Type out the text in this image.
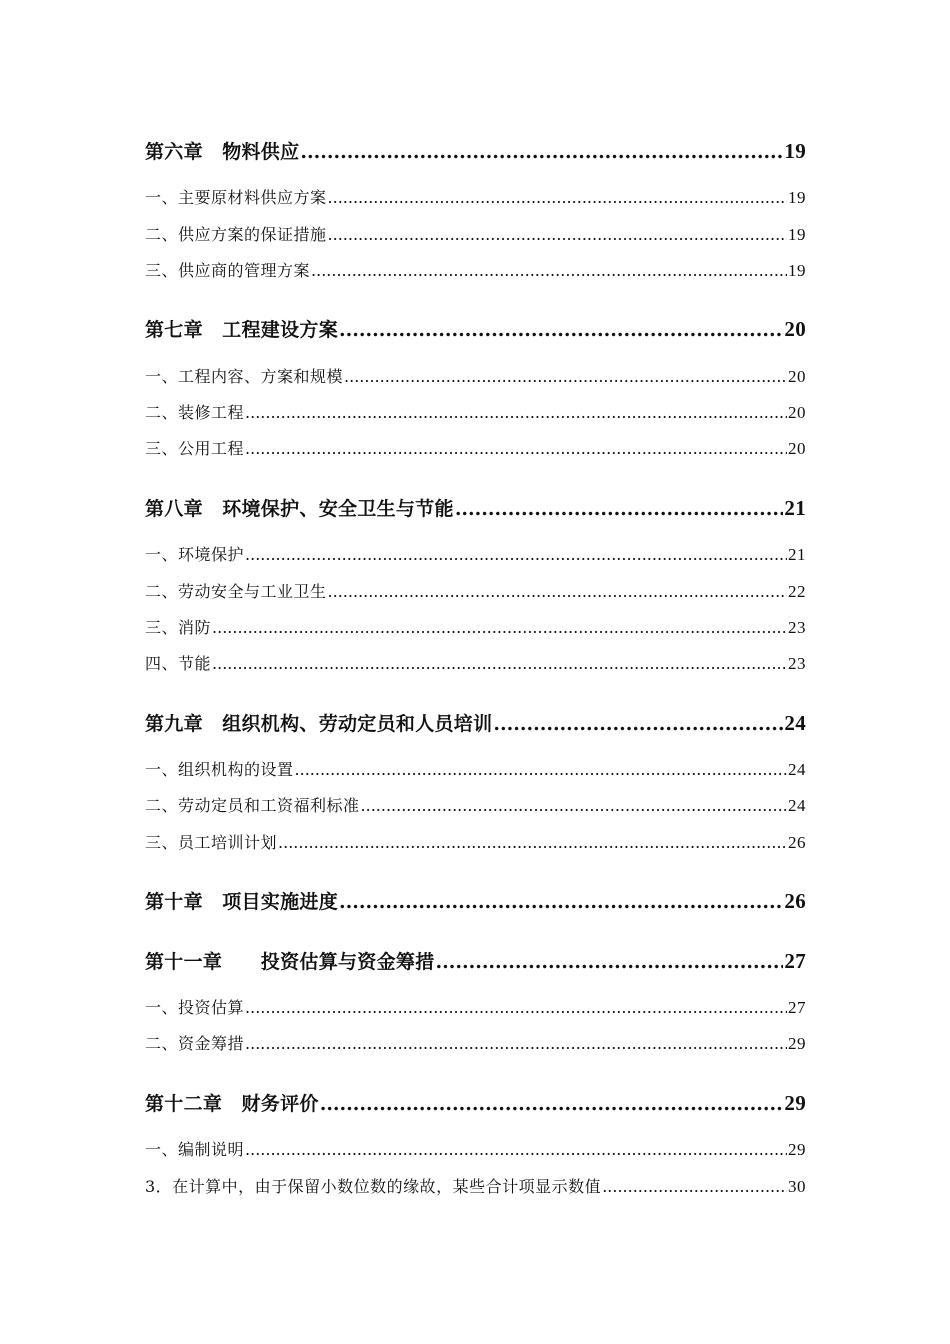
第六章　物料供应 .....	19
一、主要原材料供应方案 .....	19
二、供应方案的保证措施 .....	19
三、供应商的管理方案 .....	19
第七章　工程建设方案 .....	20
一、工程内容、方案和规模 .....	20
二、装修工程 .....	20
三、公用工程 .....	20
第八章　环境保护、安全卫生与节能 .....	21
一、环境保护 .....	21
二、劳动安全与工业卫生 .....	22
三、消防 .....	23
四、节能 .....	23
第九章　组织机构、劳动定员和人员培训 .....	24
一、组织机构的设置 .....	24
二、劳动定员和工资福利标准 .....	24
三、员工培训计划 .....	26
第十章　项目实施进度 .....	26
第十一章　　投资估算与资金筹措 .....	27
一、投资估算 .....	27
二、资金筹措 .....	29
第十二章　财务评价 .....	29
一、编制说明 .....	29
3．在计算中，由于保留小数位数的缘故，某些合计项显示数值 .....	30
